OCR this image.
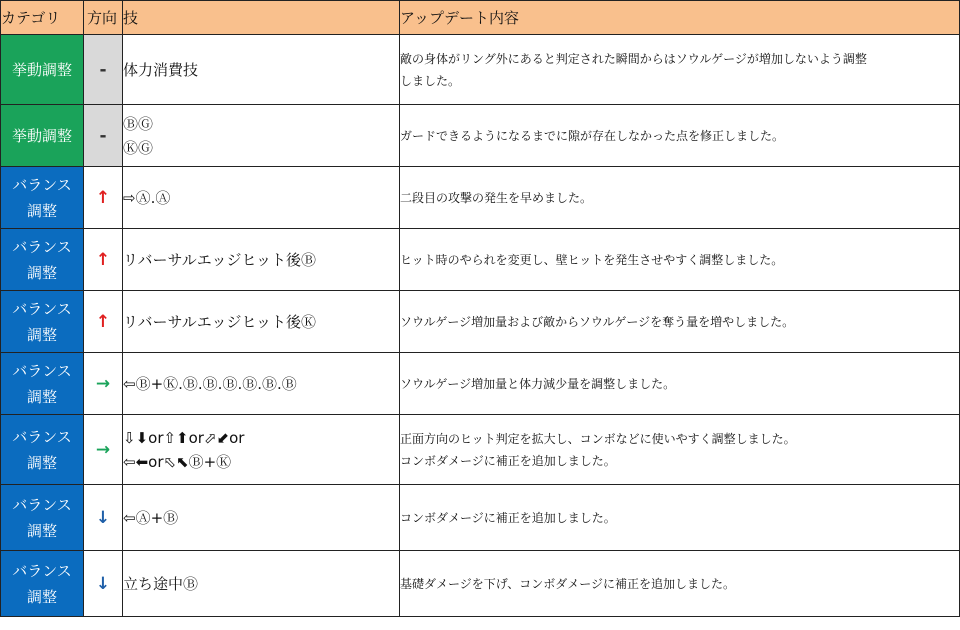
カテゴリ	方向	技	アップデート内容
挙動調整	-	体力消費技	敵の身体がリング外にあると判定された瞬間からはソウルゲージが増加しないよう調整
しました。

挙動調整	-	ⒷⒼ
ⓀⒼ	ガードできるようになるまでに隙が存在しなかった点を修正しました。

バランス
調整	↑	⇨Ⓐ.Ⓐ	二段目の攻撃の発生を早めました。

バランス
調整	↑	リバーサルエッジヒット後Ⓑ	ヒット時のやられを変更し、壁ヒットを発生させやすく調整しました。

バランス
調整	↑	リバーサルエッジヒット後Ⓚ	ソウルゲージ増加量および敵からソウルゲージを奪う量を増やしました。

バランス
調整	→	⇦Ⓑ+Ⓚ.Ⓑ.Ⓑ.Ⓑ.Ⓑ.Ⓑ.Ⓑ	ソウルゲージ増加量と体力減少量を調整しました。

バランス
調整	→	⇩⬇or⇧⬆or⬀⬋or
⇦⬅or⬁⬉Ⓑ+Ⓚ	正面方向のヒット判定を拡大し、コンボなどに使いやすく調整しました。
コンボダメージに補正を追加しました。

バランス
調整	↓	⇦Ⓐ+Ⓑ	コンボダメージに補正を追加しました。

バランス
調整	↓	立ち途中Ⓑ	基礎ダメージを下げ、コンボダメージに補正を追加しました。
